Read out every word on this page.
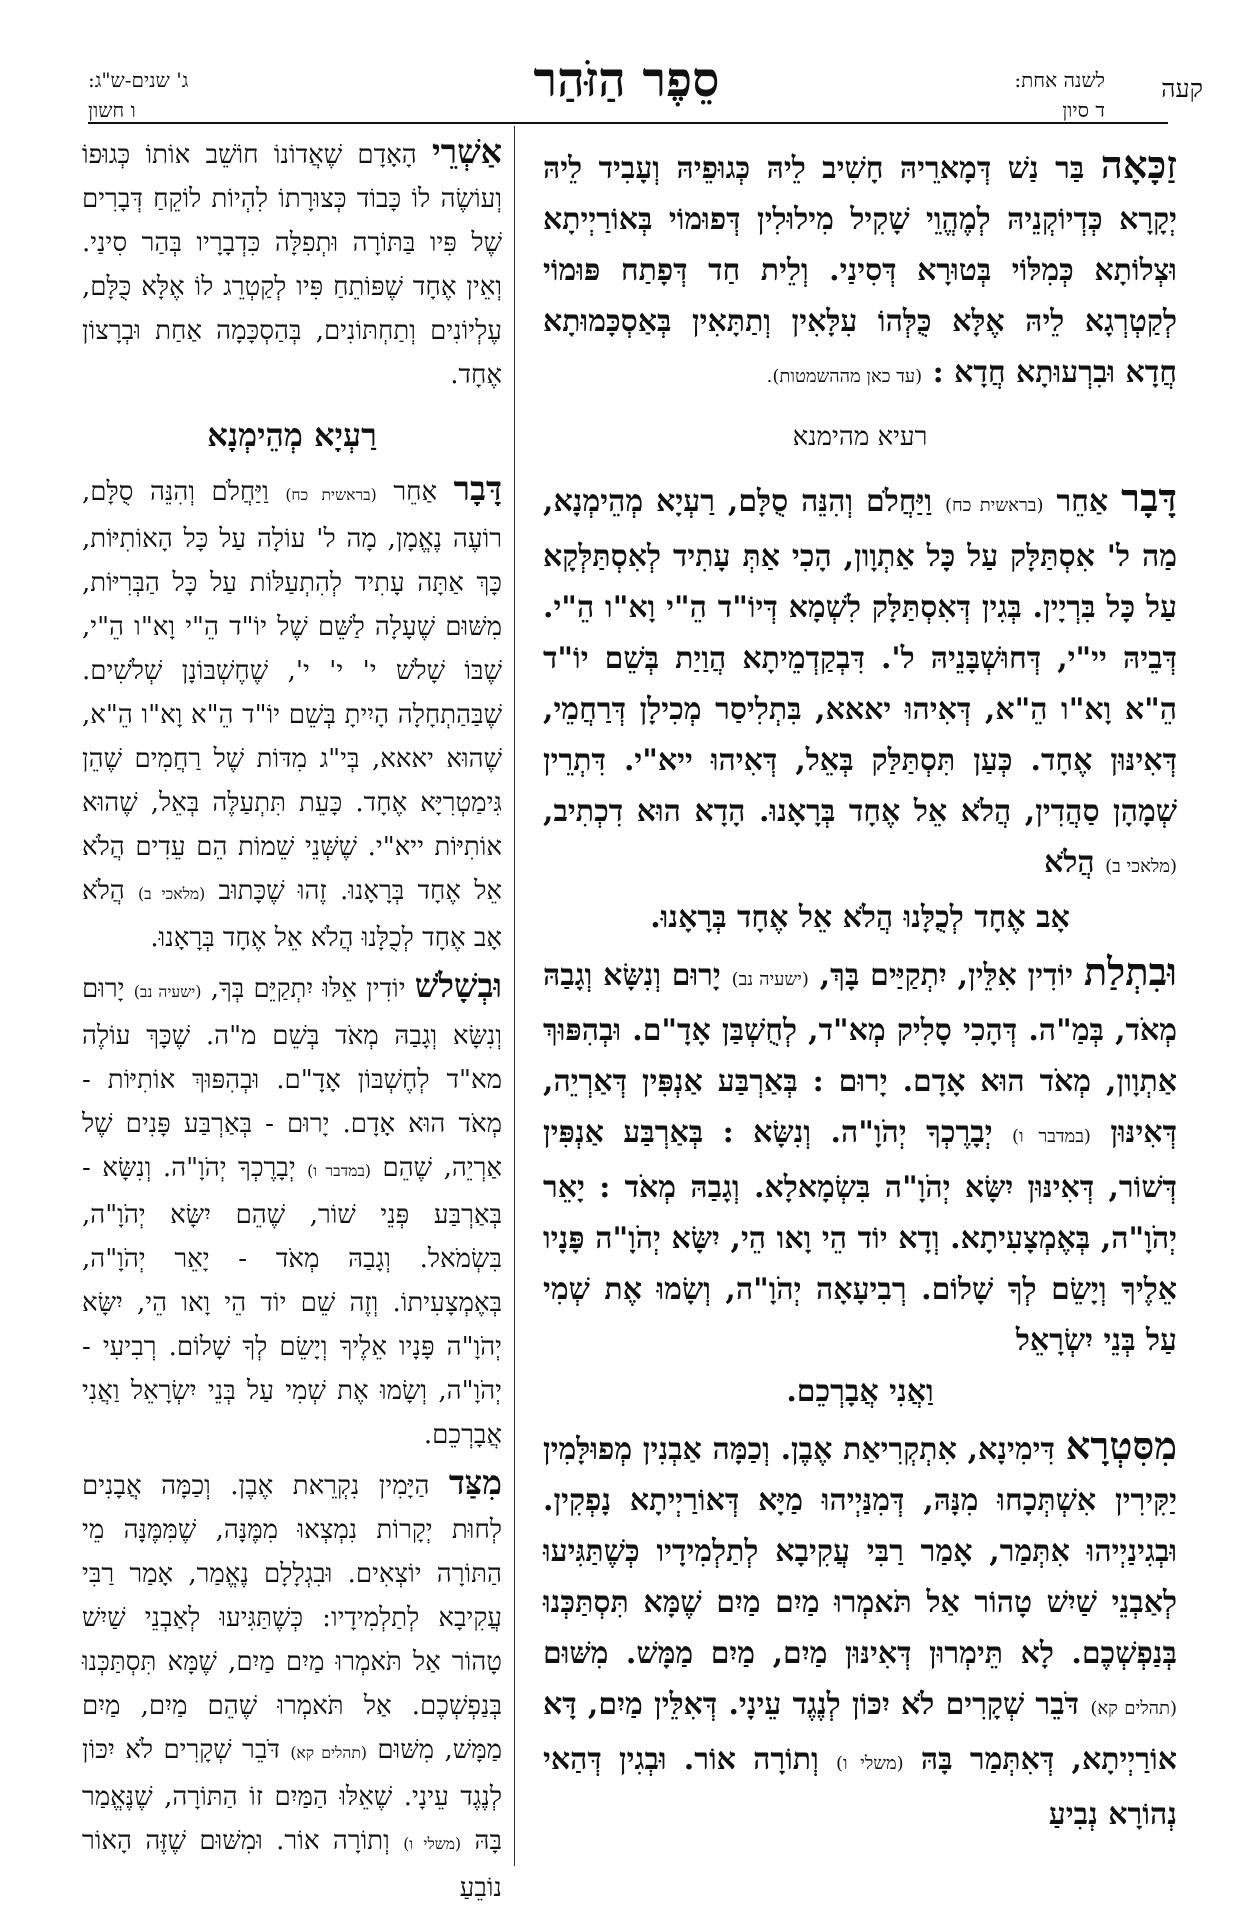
קעה
לשנה אחת:
ד סיון
סֵפֶר הַזֹּהַר
ג' שנים-ש"ג:
ו חשון

זַכָּאָה בַּר נַשׁ דְּמָארֵיהּ חָשִׁיב לֵיהּ כְּגוּפֵיהּ וְעָבִיד לֵיהּ יְקָרָא כְּדְיוֹקְנֵיהּ לְמֶהֱוֵי שָׁקִיל מִילוּלִין דְּפוּמוֹי בְּאוֹרַיְיתָא וּצְלוֹתָא כְּמִלּוֹי בְּטוּרָא דְּסִינַי. וְלֵית חַד דְּפָתַח פּוּמוֹי לְקַטְרְגָא לֵיהּ אֶלָּא כֻּלְּהוֹ עִלָּאִין וְתַתָּאִין בְּאַסְכָּמוּתָא חֲדָא וּבִרְעוּתָא חֲדָא : (עד כאן מההשמטות).

רעיא מהימנא

דָּבָר אַחֵר (בראשית כח) וַיַּחֲלֹם וְהִנֵּה סֻלָּם, רַעְיָא מְהֵימְנָא, מַה ל' אִסְתַּלָּק עַל כָּל אַתְוָון, הָכִי אַתְּ עָתִיד לְאִסְתַּלְּקָא עַל כָּל בִּרְיָין. בְּגִין דְּאִסְתַּלָּק לִשְׁמָא דְּיוֹ"ד הֵ"י וָא"ו הֵ"י. דְּבֵיהּ יי"י, דְּחוּשְׁבָּנֵיהּ ל'. דִּבְקַדְמֵיתָא הֲוַיַת בְּשֵׁם יוֹ"ד הֵ"א וָא"ו הֵ"א, דְּאִיהוּ יאאא, בִּתְלִיסַר מְכִילָן דְּרַחֲמֵי, דְּאִינּוּן אֶחָד. כְּעַן תִּסְתַּלַּק בְּאֵל, דְּאִיהוּ ייא"י. דִּתְרֵין שְׁמָהָן סַהֲדִין, הֲלֹא אֵל אֶחָד בְּרָאָנוּ. הָדָא הוּא דִכְתִיב, (מלאכי ב) הֲלֹא
אָב אֶחָד לְכֻלָּנוּ הֲלֹא אֵל אֶחָד בְּרָאָנוּ.

וּבִתְלַת יוֹדִין אִלֵּין, יִתְקַיַּים בָּךְ, (ישעיה נב) יָרוּם וְנִשָּׂא וְגָבַהּ מְאֹד, בְּמַ"ה. דְּהָכִי סָלִיק מְא"ד, לְחֻשְׁבַּן אָדָ"ם. וּבְהִפּוּךְ אַתְוָון, מְאֹד הוּא אָדָם. יָרוּם : בְּאַרְבַּע אַנְפִּין דְּאַרְיֵה, דְּאִינּוּן (במדבר ו) יְבָרֶכְךָ יְהֹוָ"ה. וְנִשָּׂא : בְּאַרְבַּע אַנְפִּין דְּשׁוֹר, דְּאִינּוּן יִשָּׂא יְהֹוָ"ה בִּשְׂמָאלָא. וְגָבַהּ מְאֹד : יָאֵר יְהֹוָ"ה, בְּאֶמְצָעִיתָא. וְדָא יוֹד הֵי וָאו הֵי, יִשָּׂא יְהֹוָ"ה פָּנָיו אֵלֶיךָ וְיָשֵׂם לְךָ שָׁלוֹם. רְבִיעָאָה יְהֹוָ"ה, וְשָׂמוּ אֶת שְׁמִי עַל בְּנֵי יִשְׂרָאֵל
וַאֲנִי אֲבָרְכֵם.

מִסִּטְרָא דִּימִינָא, אִתְקְרִיאַת אֶבֶן. וְכַמָּה אַבְנִין מְפוּלָּמִין יַקִּירִין אִשְׁתְּכָחוּ מִנָּהּ, דְּמִנַּיְיהוּ מַיָּא דְּאוֹרַיְיתָא נָפְקִין. וּבְגִינַיְיהוּ אִתְּמַר, אָמַר רַבִּי עֲקִיבָא לְתַלְמִידָיו כְּשֶׁתַּגִּיעוּ לְאַבְנֵי שַׁיִשׁ טָהוֹר אַל תֹּאמְרוּ מַיִם מַיִם שֶׁמָּא תִּסְתַּכְּנוּ בְּנַפְשְׁכֶם. לָא תֵּימְרוּן דְּאִינּוּן מַיִם, מַיִם מַמָּשׁ. מִשּׁוּם (תהלים קא) דֹּבֵר שְׁקָרִים לֹא יִכּוֹן לְנֶגֶד עֵינָי. דְּאִלֵּין מַיִם, דָּא אוֹרַיְיתָא, דְּאִתְּמַר בָּהּ (משלי ו) וְתוֹרָה אוֹר. וּבְגִין דְּהַאי נְהוֹרָא נְבִיעַ

אַשְׁרֵי הָאָדָם שֶׁאֲדוֹנוֹ חוֹשֵׁב אוֹתוֹ כְּגוּפוֹ וְעוֹשֶׂה לוֹ כָּבוֹד כְּצוּרָתוֹ לִהְיוֹת לוֹקֵחַ דְּבָרִים שֶׁל פִּיו בַּתּוֹרָה וּתְפִלָּה כִּדְבָרָיו בְּהַר סִינַי. וְאֵין אֶחָד שֶׁפּוֹתֵחַ פִּיו לְקַטְרֵג לוֹ אֶלָּא כֻּלָּם, עֶלְיוֹנִים וְתַחְתּוֹנִים, בְּהַסְכָּמָה אַחַת וּבְרָצוֹן אֶחָד.

רַעְיָא מְהֵימְנָא

דָּבָר אַחֵר (בראשית כח) וַיַּחֲלֹם וְהִנֵּה סֻלָּם, רוֹעֶה נֶאֱמָן, מָה ל' עוֹלָה עַל כָּל הָאוֹתִיּוֹת, כָּךְ אַתָּה עָתִיד לְהִתְעַלּוֹת עַל כָּל הַבְּרִיּוֹת, מִשּׁוּם שֶׁעָלָה לַשֵּׁם שֶׁל יוֹ"ד הֵ"י וָא"ו הֵ"י, שֶׁבּוֹ שָׁלֹשׁ י' י' י', שֶׁחֶשְׁבּוֹנָן שְׁלֹשִׁים. שֶׁבַּהַתְחָלָה הָיִיתָ בְּשֵׁם יוֹ"ד הֵ"א וָא"ו הֵ"א, שֶׁהוּא יאאא, בְּי"ג מִדּוֹת שֶׁל רַחֲמִים שֶׁהֵן גִּימַטְרִיָּא אֶחָד. כָּעֵת תִּתְעַלֶּה בְּאֵל, שֶׁהוּא אוֹתִיּוֹת ייא"י. שֶׁשְּׁנֵי שֵׁמוֹת הֵם עֵדִים הֲלֹא אֵל אֶחָד בְּרָאָנוּ. זֶהוּ שֶׁכָּתוּב (מלאכי ב) הֲלֹא אָב אֶחָד לְכֻלָּנוּ הֲלֹא אֵל אֶחָד בְּרָאָנוּ.

וּבְשָׁלֹשׁ יוֹדִין אֵלּוּ יִתְקַיֵּם בְּךָ, (ישעיה נב) יָרוּם וְנִשָּׂא וְגָבַהּ מְאֹד בְּשֵׁם מ"ה. שֶׁכָּךְ עוֹלֶה מא"ד לְחֶשְׁבּוֹן אָדָ"ם. וּבְהִפּוּךְ אוֹתִיּוֹת - מְאֹד הוּא אָדָם. יָרוּם - בְּאַרְבַּע פָּנִים שֶׁל אַרְיֵה, שֶׁהֵם (במדבר ו) יְבָרֶכְךָ יְהֹוָ"ה. וְנִשָּׂא - בְּאַרְבַּע פְּנֵי שׁוֹר, שֶׁהֵם יִשָּׂא יְהֹוָ"ה, בִּשְׂמֹאל. וְגָבַהּ מְאֹד - יָאֵר יְהֹוָ"ה, בְּאֶמְצָעִיתוֹ. וְזֶה שֵׁם יוֹד הֵי וָאו הֵי, יִשָּׂא יְהֹוָ"ה פָּנָיו אֵלֶיךָ וְיָשֵׂם לְךָ שָׁלוֹם. רְבִיעִי - יְהֹוָ"ה, וְשָׂמוּ אֶת שְׁמִי עַל בְּנֵי יִשְׂרָאֵל וַאֲנִי אֲבָרְכֵם.

מִצַּד הַיָּמִין נִקְרֵאת אֶבֶן. וְכַמָּה אֲבָנִים לְחוּת יְקָרוֹת נִמְצְאוּ מִמֶּנָּה, שֶׁמִּמֶּנָּה מֵי הַתּוֹרָה יוֹצְאִים. וּבִגְלָלָם נֶאֱמַר, אָמַר רַבִּי עֲקִיבָא לְתַלְמִידָיו: כְּשֶׁתַּגִּיעוּ לְאַבְנֵי שַׁיִשׁ טָהוֹר אַל תֹּאמְרוּ מַיִם מַיִם, שֶׁמָּא תִּסְתַּכְּנוּ בְּנַפְשְׁכֶם. אַל תֹּאמְרוּ שֶׁהֵם מַיִם, מַיִם מַמָּשׁ, מִשּׁוּם (תהלים קא) דֹּבֵר שְׁקָרִים לֹא יִכּוֹן לְנֶגֶד עֵינָי. שֶׁאֵלּוּ הַמַּיִם זוֹ הַתּוֹרָה, שֶׁנֶּאֱמַר בָּהּ (משלי ו) וְתוֹרָה אוֹר. וּמִשּׁוּם שֶׁזֶּה הָאוֹר נוֹבֵעַ
